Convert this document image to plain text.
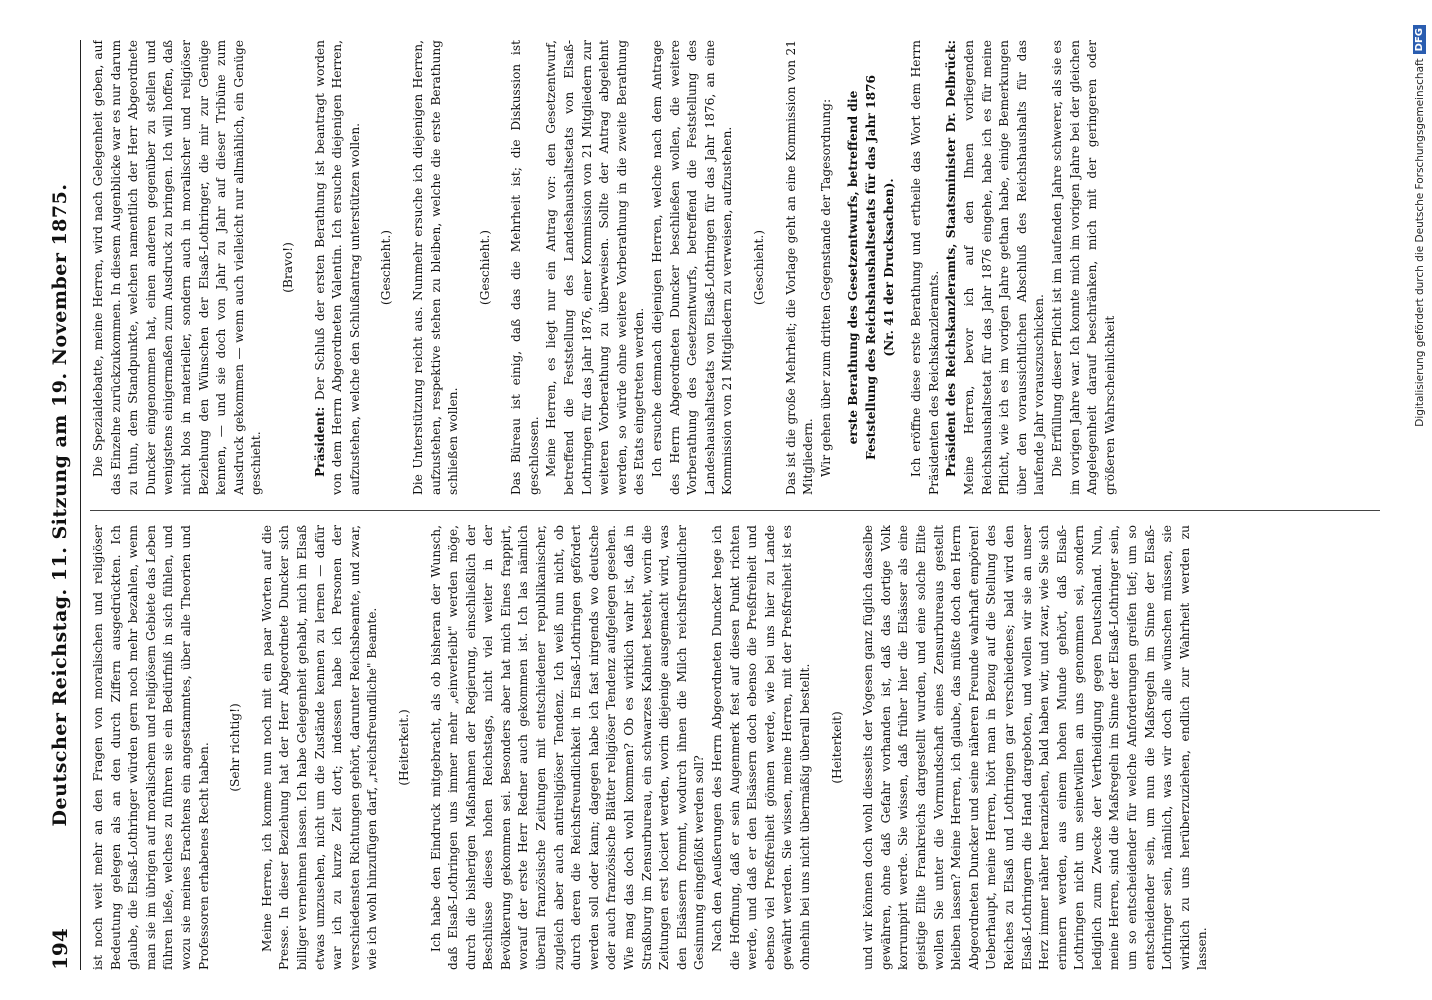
194
Deutscher Reichstag. 11. Sitzung am 19. November 1875. ist noch weit mehr an den Fragen von moralischen und religiöser Bedeutung gelegen als an den durch Ziffern ausgedrückten. Ich glaube, die Elsaß-Lothringer würden gern noch mehr bezahlen, wenn man sie im übrigen auf moralischem und religiösem Gebiete das Leben führen ließe, welches zu führen sie ein Bedürfniß in sich fühlen, und wozu sie meines Erachtens ein angestammtes, über alle Theorien und Professoren erhabenes Recht haben. (Sehr richtig!) Meine Herren, ich komme nun noch mit ein paar Worten auf die Presse. In dieser Beziehung hat der Herr Abgeordnete Duncker sich billiger vernehmen lassen. Ich habe Gelegenheit gehabt, mich im Elsaß etwas umzusehen, nicht um die Zustände kennen zu lernen — dafür war ich zu kurze Zeit dort; indessen habe ich Personen der verschiedensten Richtungen gehört, darunter Reichsbeamte, und zwar, wie ich wohl hinzufügen darf, „reichsfreundliche" Beamte. (Heiterkeit.) Ich habe den Eindruck mitgebracht, als ob bisheran der Wunsch, daß Elsaß-Lothringen uns immer mehr „einverleibt" werden möge, durch die bisherigen Maßnahmen der Regierung, einschließlich der Beschlüsse dieses hohen Reichstags, nicht viel weiter in der Bevölkerung gekommen sei. Besonders aber hat mich Eines frappirt, worauf der erste Herr Redner auch gekommen ist. Ich las nämlich überall französische Zeitungen mit entschiedener republikanischer, zugleich aber auch antireligiöser Tendenz. Ich weiß nun nicht, ob durch deren die Reichsfreundlichkeit in Elsaß-Lothringen gefördert werden soll oder kann; dagegen habe ich fast nirgends wo deutsche oder auch französische Blätter religiöser Tendenz aufgelegen gesehen. Wie mag das doch wohl kommen? Ob es wirklich wahr ist, daß in Straßburg im Zensurbureau, ein schwarzes Kabinet besteht, worin die Zeitungen erst lociert werden, worin diejenige ausgemacht wird, was den Elsässern frommt, wodurch ihnen die Milch reichsfreundlicher Gesinnung eingeflößt werden soll? Nach den Aeußerungen des Herrn Abgeordneten Duncker hege ich die Hoffnung, daß er sein Augenmerk fest auf diesen Punkt richten werde, und daß er den Elsässern doch ebenso die Preßfreiheit und ebenso viel Preßfreiheit gönnen werde, wie bei uns hier zu Lande gewährt werden. Sie wissen, meine Herren, mit der Preßfreiheit ist es ohnehin bei uns nicht übermäßig überall bestellt. (Heiterkeit) und wir können doch wohl diesseits der Vogesen ganz füglich dasselbe gewähren, ohne daß Gefahr vorhanden ist, daß das dortige Volk korrumpirt werde. Sie wissen, daß früher hier die Elsässer als eine geistige Elite Frankreichs dargestellt wurden, und eine solche Elite wollen Sie unter die Vormundschaft eines Zensurbureaus gestellt bleiben lassen? Meine Herren, ich glaube, das müßte doch den Herrn Abgeordneten Duncker und seine näheren Freunde wahrhaft empören! Ueberhaupt, meine Herren, hört man in Bezug auf die Stellung des Reiches zu Elsaß und Lothringen gar verschiedenes; bald wird den Elsaß-Lothringern die Hand dargeboten, und wollen wir sie an unser Herz immer näher heranziehen, bald haben wir, und zwar, wie Sie sich erinnern werden, aus einem hohen Munde gehört, daß Elsaß-Lothringen nicht um seinetwillen an uns genommen sei, sondern lediglich zum Zwecke der Vertheidigung gegen Deutschland. Nun, meine Herren, sind die Maßregeln im Sinne der Elsaß-Lothringer sein, um so entscheidender für welche Anforderungen greifen tief; um so entscheidender sein, um nun die Maßregeln im Sinne der Elsaß-Lothringer sein, nämlich, was wir doch alle wünschen müssen, sie wirklich zu uns herüberzuziehen, endlich zur Wahrheit werden zu lassen.

Die Spezialdebatte, meine Herren, wird nach Gelegenheit geben, auf das Einzelne zurückzukommen. In diesem Augenblicke war es nur darum zu thun, dem Standpunkte, welchen namentlich der Herr Abgeordnete Duncker eingenommen hat, einen anderen gegenüber zu stellen und wenigstens einigermaßen zum Ausdruck zu bringen. Ich will hoffen, daß nicht blos in materieller, sondern auch in moralischer und religiöser Beziehung den Wünschen der Elsaß-Lothringer, die mir zur Genüge kennen, — und sie doch von Jahr zu Jahr auf dieser Tribüne zum Ausdruck gekommen — wenn auch vielleicht nur allmählich, ein Genüge geschieht.

(Bravo!)

Präsident: Der Schluß der ersten Berathung ist beantragt worden von dem Herrn Abgeordneten Valentin. Ich ersuche diejenigen Herren, aufzustehen, welche den Schlußantrag unterstützen wollen. (Geschieht.) Die Unterstützung reicht aus. Nunmehr ersuche ich diejenigen Herren, aufzustehen, respektive stehen zu bleiben, welche die erste Berathung schließen wollen.

(Geschieht.) Das Büreau ist einig, daß das die Mehrheit ist; die Diskussion ist geschlossen. Meine Herren, es liegt nur ein Antrag vor: den Gesetzentwurf, betreffend die Feststellung des Landeshaushaltsetats von Elsaß-Lothringen für das Jahr 1876, einer Kommission von 21 Mitgliedern zur weiteren Vorberathung zu überweisen. Sollte der Antrag abgelehnt werden, so würde ohne weitere Vorberathung in die zweite Berathung des Etats eingetreten werden. Ich ersuche demnach diejenigen Herren, welche nach dem Antrage des Herrn Abgeordneten Duncker beschließen wollen, die weitere Vorberathung des Gesetzentwurfs, betreffend die Feststellung des Landeshaushaltsetats von Elsaß-Lothringen für das Jahr 1876, an eine Kommission von 21 Mitgliedern zu verweisen, aufzustehen. (Geschieht.) Das ist die große Mehrheit; die Vorlage geht an eine Kommission von 21 Mitgliedern. Wir gehen über zum dritten Gegenstande der Tagesordnung: erste Berathung des Gesetzentwurfs, betreffend die Feststellung des Reichshaushaltsetats für das Jahr 1876 (Nr. 41 der Drucksachen). Ich eröffne diese erste Berathung und ertheile das Wort dem Herrn Präsidenten des Reichskanzleramts. Präsident des Reichskanzleramts, Staatsminister Dr. Delbrück: Meine Herren, bevor ich auf den Ihnen vorliegenden Reichshaushaltsetat für das Jahr 1876 eingehe, habe ich es für meine Pflicht, wie ich es im vorigen Jahre gethan habe, einige Bemerkungen über den voraussichtlichen Abschluß des Reichshaushalts für das laufende Jahr vorauszuschicken. Die Erfüllung dieser Pflicht ist im laufenden Jahre schwerer, als sie es im vorigen Jahre war. Ich konnte mich im vorigen Jahre bei der gleichen Angelegenheit darauf beschränken, mich mit der geringeren oder größeren Wahrscheinlichkeit	Digitalisierung gefördert durch die Deutsche Forschungsgemeinschaft
DFG
